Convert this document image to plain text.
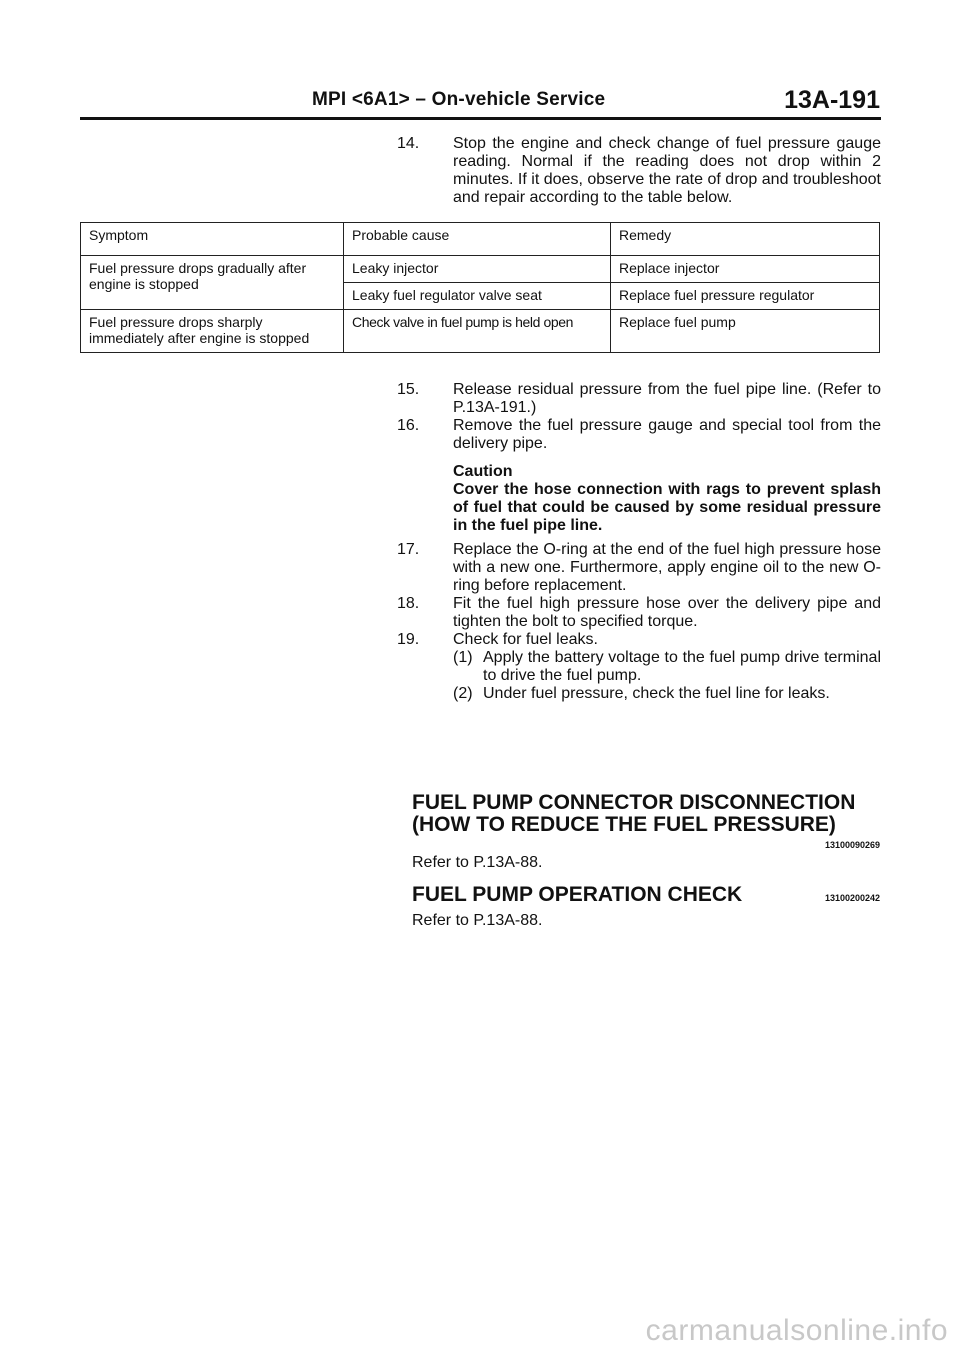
MPI <6A1> – On-vehicle Service	13A-191
14.	Stop the engine and check change of fuel pressure gauge reading. Normal if the reading does not drop within 2 minutes. If it does, observe the rate of drop and troubleshoot and repair according to the table below.
Symptom	Probable cause	Remedy
Fuel pressure drops gradually after engine is stopped	Leaky injector	Replace injector
	Leaky fuel regulator valve seat	Replace fuel pressure regulator
Fuel pressure drops sharply immediately after engine is stopped	Check valve in fuel pump is held open	Replace fuel pump
15.	Release residual pressure from the fuel pipe line. (Refer to P.13A-191.)
16.	Remove the fuel pressure gauge and special tool from the delivery pipe.
Caution
Cover the hose connection with rags to prevent splash of fuel that could be caused by some residual pressure in the fuel pipe line.
17.	Replace the O-ring at the end of the fuel high pressure hose with a new one. Furthermore, apply engine oil to the new O-ring before replacement.
18.	Fit the fuel high pressure hose over the delivery pipe and tighten the bolt to specified torque.
19.	Check for fuel leaks.
(1) Apply the battery voltage to the fuel pump drive terminal to drive the fuel pump.
(2) Under fuel pressure, check the fuel line for leaks.
FUEL PUMP CONNECTOR DISCONNECTION
(HOW TO REDUCE THE FUEL PRESSURE)
13100090269
Refer to P.13A-88.
FUEL PUMP OPERATION CHECK	13100200242
Refer to P.13A-88.
carmanualsonline.info
